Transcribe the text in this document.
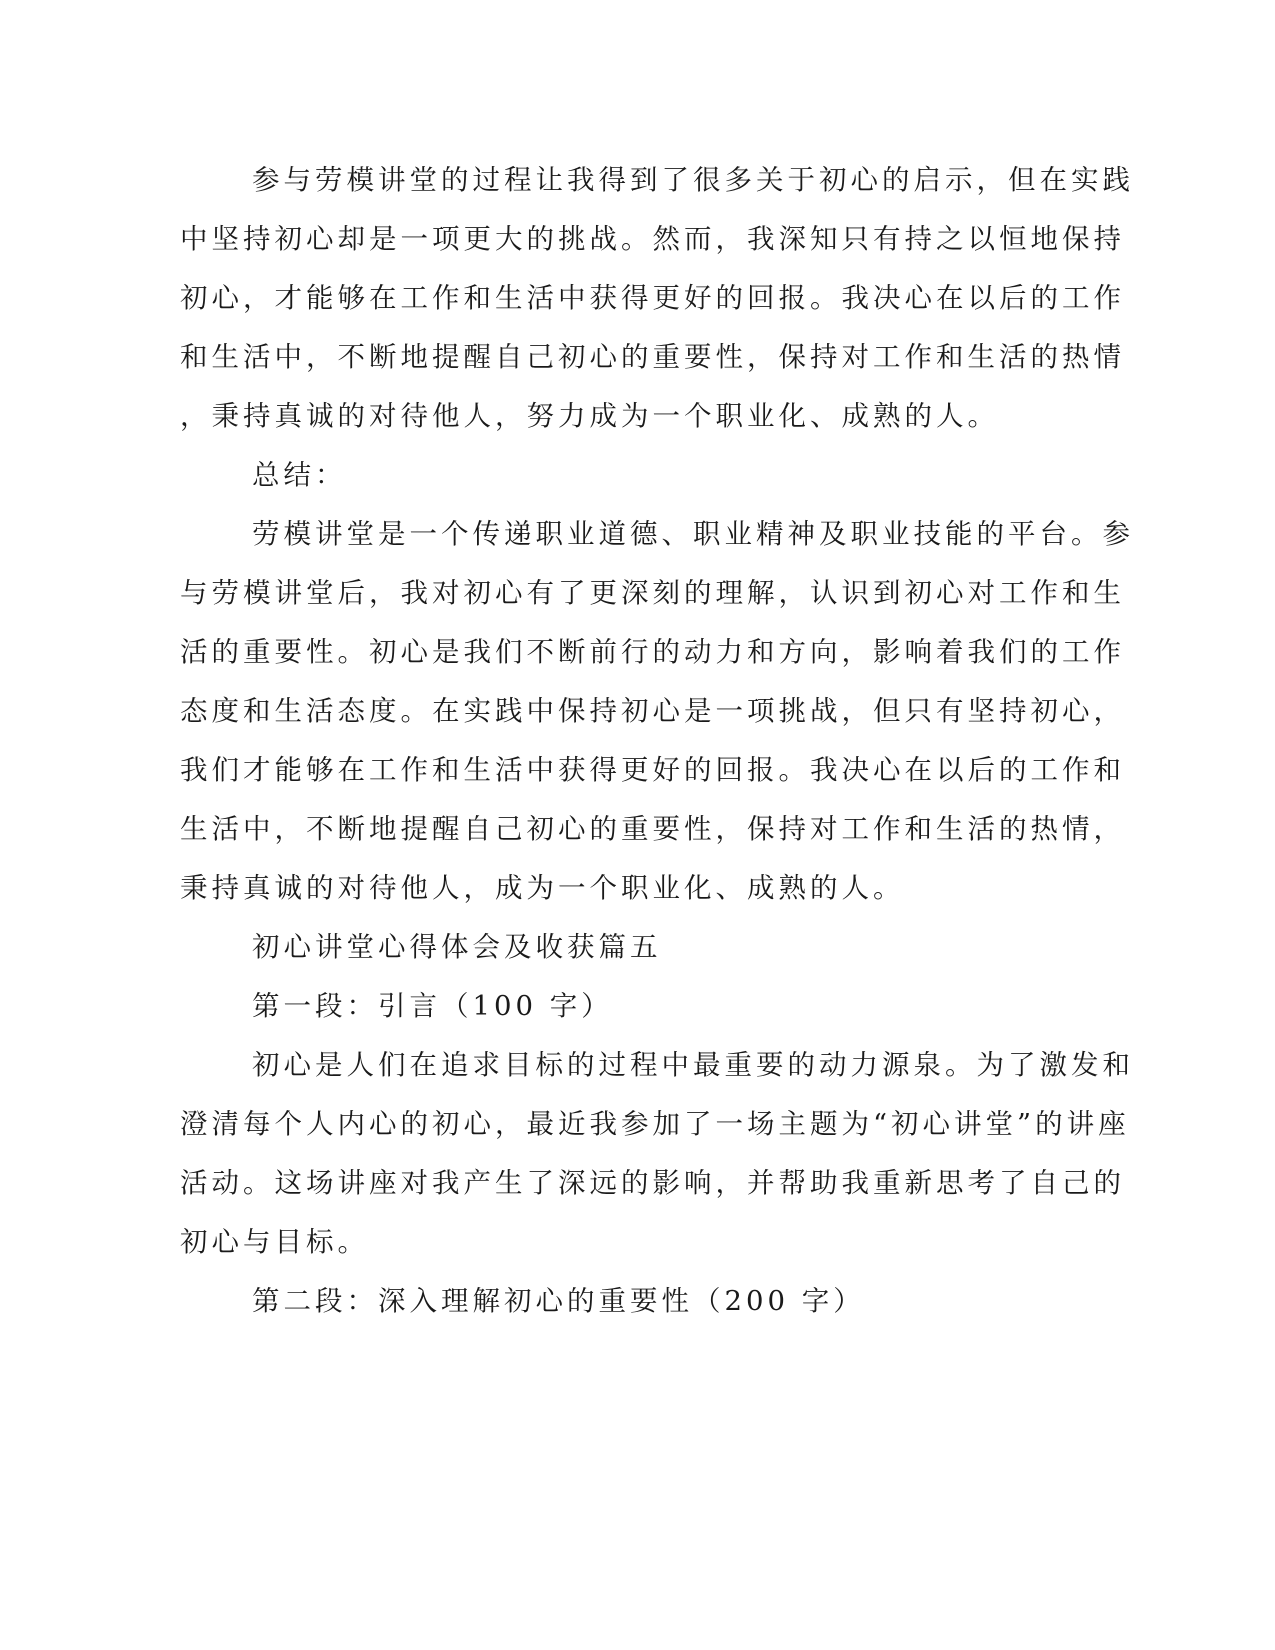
参与劳模讲堂的过程让我得到了很多关于初心的启示，但在实践
中坚持初心却是一项更大的挑战。然而，我深知只有持之以恒地保持
初心，才能够在工作和生活中获得更好的回报。我决心在以后的工作
和生活中，不断地提醒自己初心的重要性，保持对工作和生活的热情
，秉持真诚的对待他人，努力成为一个职业化、成熟的人。
总结：
劳模讲堂是一个传递职业道德、职业精神及职业技能的平台。参
与劳模讲堂后，我对初心有了更深刻的理解，认识到初心对工作和生
活的重要性。初心是我们不断前行的动力和方向，影响着我们的工作
态度和生活态度。在实践中保持初心是一项挑战，但只有坚持初心，
我们才能够在工作和生活中获得更好的回报。我决心在以后的工作和
生活中，不断地提醒自己初心的重要性，保持对工作和生活的热情，
秉持真诚的对待他人，成为一个职业化、成熟的人。
初心讲堂心得体会及收获篇五
第一段：引言（100 字）
初心是人们在追求目标的过程中最重要的动力源泉。为了激发和
澄清每个人内心的初心，最近我参加了一场主题为“初心讲堂”的讲座
活动。这场讲座对我产生了深远的影响，并帮助我重新思考了自己的
初心与目标。
第二段：深入理解初心的重要性（200 字）
